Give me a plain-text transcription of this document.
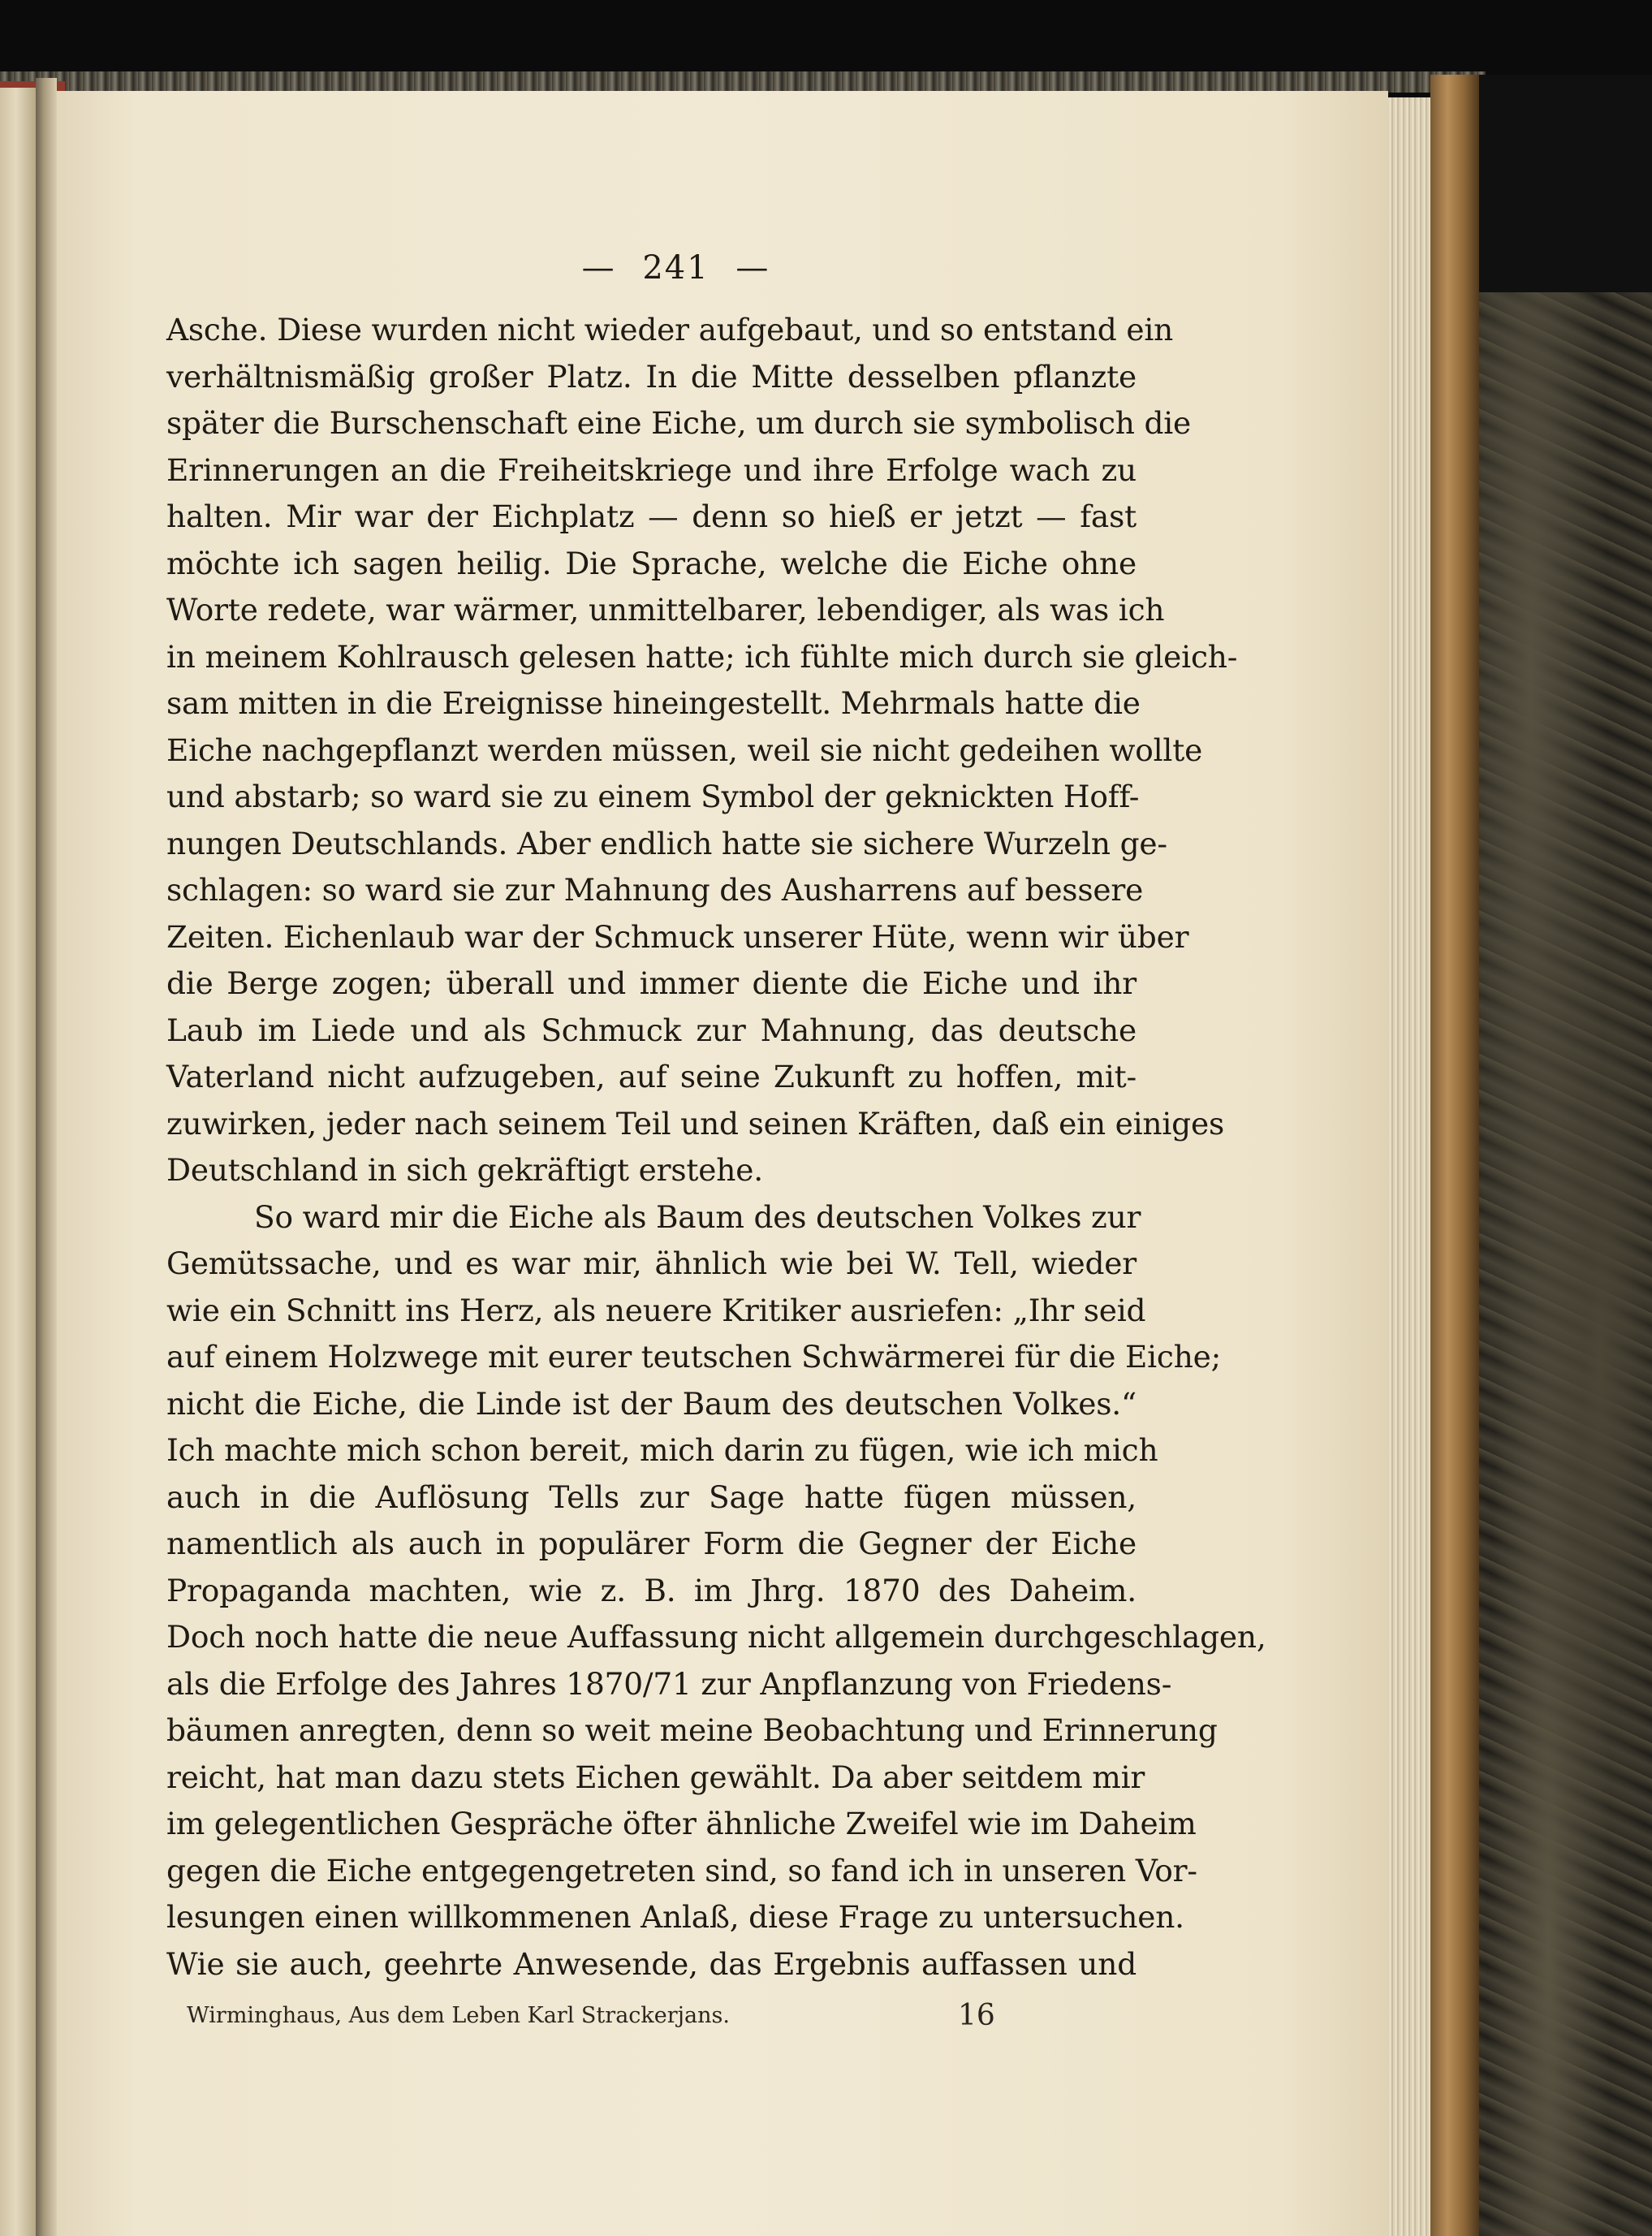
— 241 —
Asche. Diese wurden nicht wieder aufgebaut, und so entstand ein
verhältnismäßig großer Platz. In die Mitte desselben pflanzte
später die Burschenschaft eine Eiche, um durch sie symbolisch die
Erinnerungen an die Freiheitskriege und ihre Erfolge wach zu
halten. Mir war der Eichplatz — denn so hieß er jetzt — fast
möchte ich sagen heilig. Die Sprache, welche die Eiche ohne
Worte redete, war wärmer, unmittelbarer, lebendiger, als was ich
in meinem Kohlrausch gelesen hatte; ich fühlte mich durch sie gleich-
sam mitten in die Ereignisse hineingestellt. Mehrmals hatte die
Eiche nachgepflanzt werden müssen, weil sie nicht gedeihen wollte
und abstarb; so ward sie zu einem Symbol der geknickten Hoff-
nungen Deutschlands. Aber endlich hatte sie sichere Wurzeln ge-
schlagen: so ward sie zur Mahnung des Ausharrens auf bessere
Zeiten. Eichenlaub war der Schmuck unserer Hüte, wenn wir über
die Berge zogen; überall und immer diente die Eiche und ihr
Laub im Liede und als Schmuck zur Mahnung, das deutsche
Vaterland nicht aufzugeben, auf seine Zukunft zu hoffen, mit-
zuwirken, jeder nach seinem Teil und seinen Kräften, daß ein einiges
Deutschland in sich gekräftigt erstehe.
So ward mir die Eiche als Baum des deutschen Volkes zur
Gemütssache, und es war mir, ähnlich wie bei W. Tell, wieder
wie ein Schnitt ins Herz, als neuere Kritiker ausriefen: „Ihr seid
auf einem Holzwege mit eurer teutschen Schwärmerei für die Eiche;
nicht die Eiche, die Linde ist der Baum des deutschen Volkes.“
Ich machte mich schon bereit, mich darin zu fügen, wie ich mich
auch in die Auflösung Tells zur Sage hatte fügen müssen,
namentlich als auch in populärer Form die Gegner der Eiche
Propaganda machten, wie z. B. im Jhrg. 1870 des Daheim.
Doch noch hatte die neue Auffassung nicht allgemein durchgeschlagen,
als die Erfolge des Jahres 1870/71 zur Anpflanzung von Friedens-
bäumen anregten, denn so weit meine Beobachtung und Erinnerung
reicht, hat man dazu stets Eichen gewählt. Da aber seitdem mir
im gelegentlichen Gespräche öfter ähnliche Zweifel wie im Daheim
gegen die Eiche entgegengetreten sind, so fand ich in unseren Vor-
lesungen einen willkommenen Anlaß, diese Frage zu untersuchen.
Wie sie auch, geehrte Anwesende, das Ergebnis auffassen und
Wirminghaus, Aus dem Leben Karl Strackerjans.	16
